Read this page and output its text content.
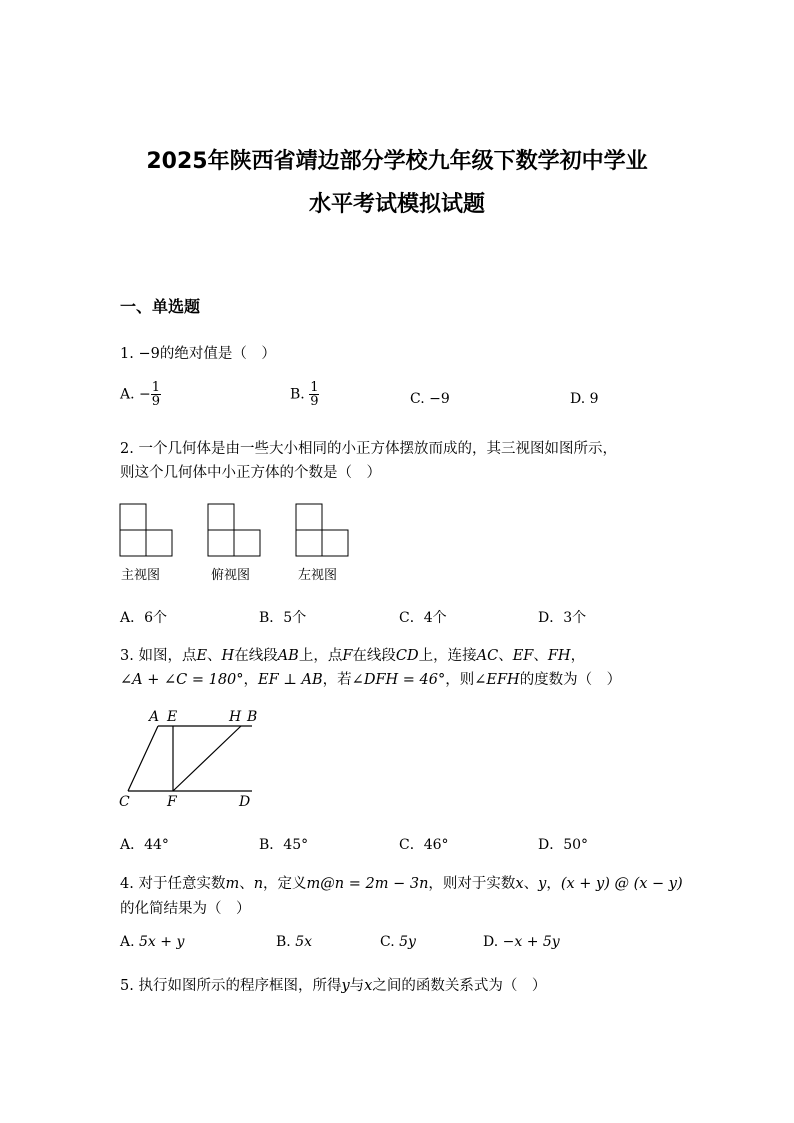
2025年陕西省靖边部分学校九年级下数学初中学业
水平考试模拟试题
一、单选题
1. −9的绝对值是（　）
A. − $\frac{1}{9}$	B. $\frac{1}{9}$	C. −9	D. 9
2. 一个几何体是由一些大小相同的小正方体摆放而成的，其三视图如图所示，
则这个几何体中小正方体的个数是（　）
主视图	俯视图	左视图
A．6个	B．5个	C．4个	D．3个
3. 如图，点E、H在线段AB上，点F在线段CD上，连接AC、EF、FH，
∠A + ∠C = 180°，EF ⊥ AB，若∠DFH = 46°，则∠EFH的度数为（　）
A E	H B
C	F	D
A．44°	B．45°	C．46°	D．50°
4. 对于任意实数m、n，定义m@n = 2m − 3n，则对于实数x、y，(x + y) @ (x − y)
的化简结果为（　）
A. 5x + y	B. 5x	C. 5y	D. −x + 5y
5. 执行如图所示的程序框图，所得y与x之间的函数关系式为（　）
